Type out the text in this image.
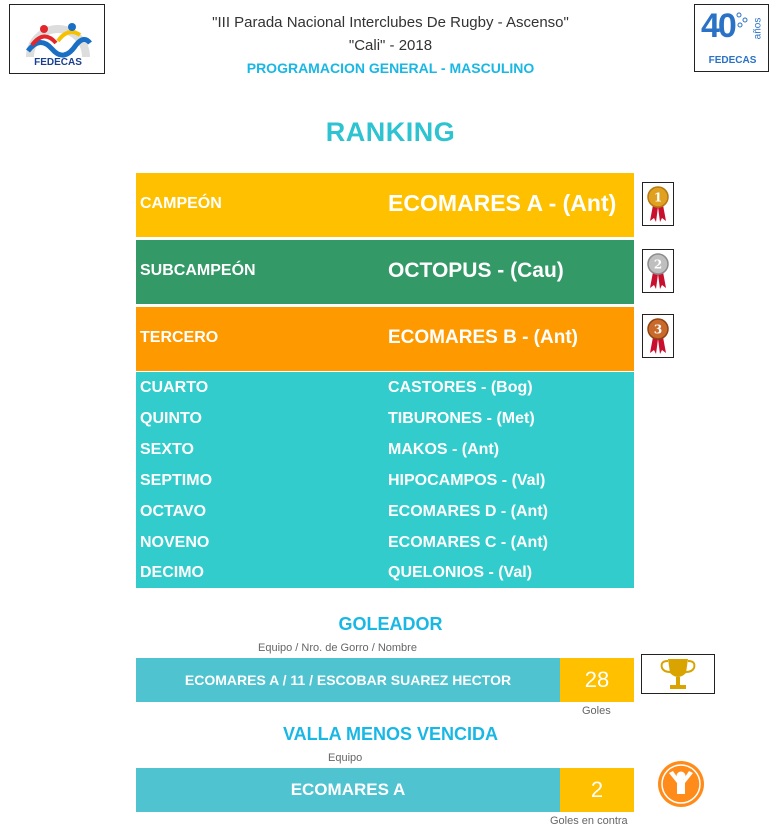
FEDECAS
40 años
FEDECAS
"III Parada Nacional Interclubes De Rugby - Ascenso"
"Cali" - 2018
PROGRAMACION GENERAL - MASCULINO
RANKING
CAMPEÓN	ECOMARES A - (Ant)
SUBCAMPEÓN	OCTOPUS - (Cau)
TERCERO	ECOMARES B - (Ant)
1
2
3
CUARTO	CASTORES - (Bog)
QUINTO	TIBURONES - (Met)
SEXTO	MAKOS - (Ant)
SEPTIMO	HIPOCAMPOS - (Val)
OCTAVO	ECOMARES D - (Ant)
NOVENO	ECOMARES C - (Ant)
DECIMO	QUELONIOS - (Val)
GOLEADOR
Equipo / Nro. de Gorro / Nombre
ECOMARES A / 11 / ESCOBAR SUAREZ HECTOR	28
Goles
VALLA MENOS VENCIDA
Equipo
ECOMARES A	2
Goles en contra
